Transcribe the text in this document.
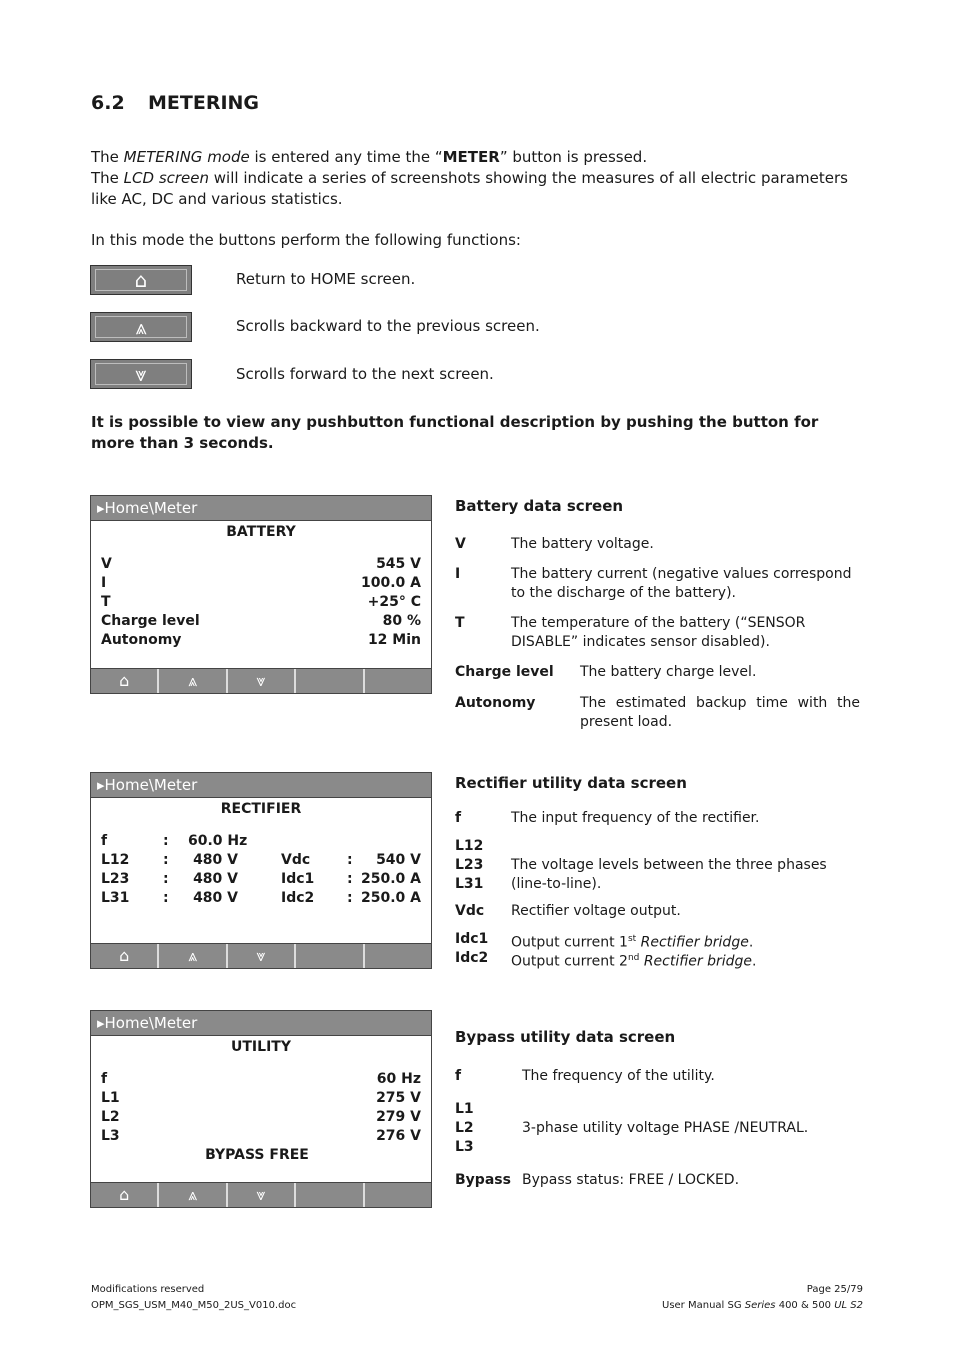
6.2 METERING
The METERING mode is entered any time the “METER” button is pressed.
The LCD screen will indicate a series of screenshots showing the measures of all electric parameters like AC, DC and various statistics.
In this mode the buttons perform the following functions:
⌂	Return to HOME screen.
⩓	Scrolls backward to the previous screen.
⩔	Scrolls forward to the next screen.
It is possible to view any pushbutton functional description by pushing the button for more than 3 seconds.
▸Home\Meter
BATTERY
V	545 V
I	100.0 A
T	+25° C
Charge level	80 %
Autonomy	12 Min
⌂	⩓	⩔
Battery data screen
V	The battery voltage.
I	The battery current (negative values correspond to the discharge of the battery).
T	The temperature of the battery (“SENSOR DISABLE” indicates sensor disabled).
Charge level The battery charge level.
Autonomy	The estimated backup time with the present load.
▸Home\Meter
RECTIFIER
f	: 60.0 Hz
L12 : 480 V	Vdc	: 540 V
L23 : 480 V	Idc1 : 250.0 A
L31 : 480 V	Idc2 : 250.0 A
⌂	⩓	⩔
Rectifier utility data screen
f	The input frequency of the rectifier.
L12
L23
L31
The voltage levels between the three phases (line-to-line).
Vdc Rectifier voltage output.
Idc1 Output current 1st Rectifier bridge.
Idc2 Output current 2nd Rectifier bridge.
▸Home\Meter
UTILITY
f	60 Hz
L1	275 V
L2	279 V
L3	276 V
BYPASS FREE
⌂	⩓	⩔
Bypass utility data screen
f	The frequency of the utility.
L1
L2
L3
3-phase utility voltage PHASE /NEUTRAL.
Bypass Bypass status: FREE / LOCKED.
Modifications reserved
OPM_SGS_USM_M40_M50_2US_V010.doc
Page 25/79
User Manual SG Series 400 & 500 UL S2
